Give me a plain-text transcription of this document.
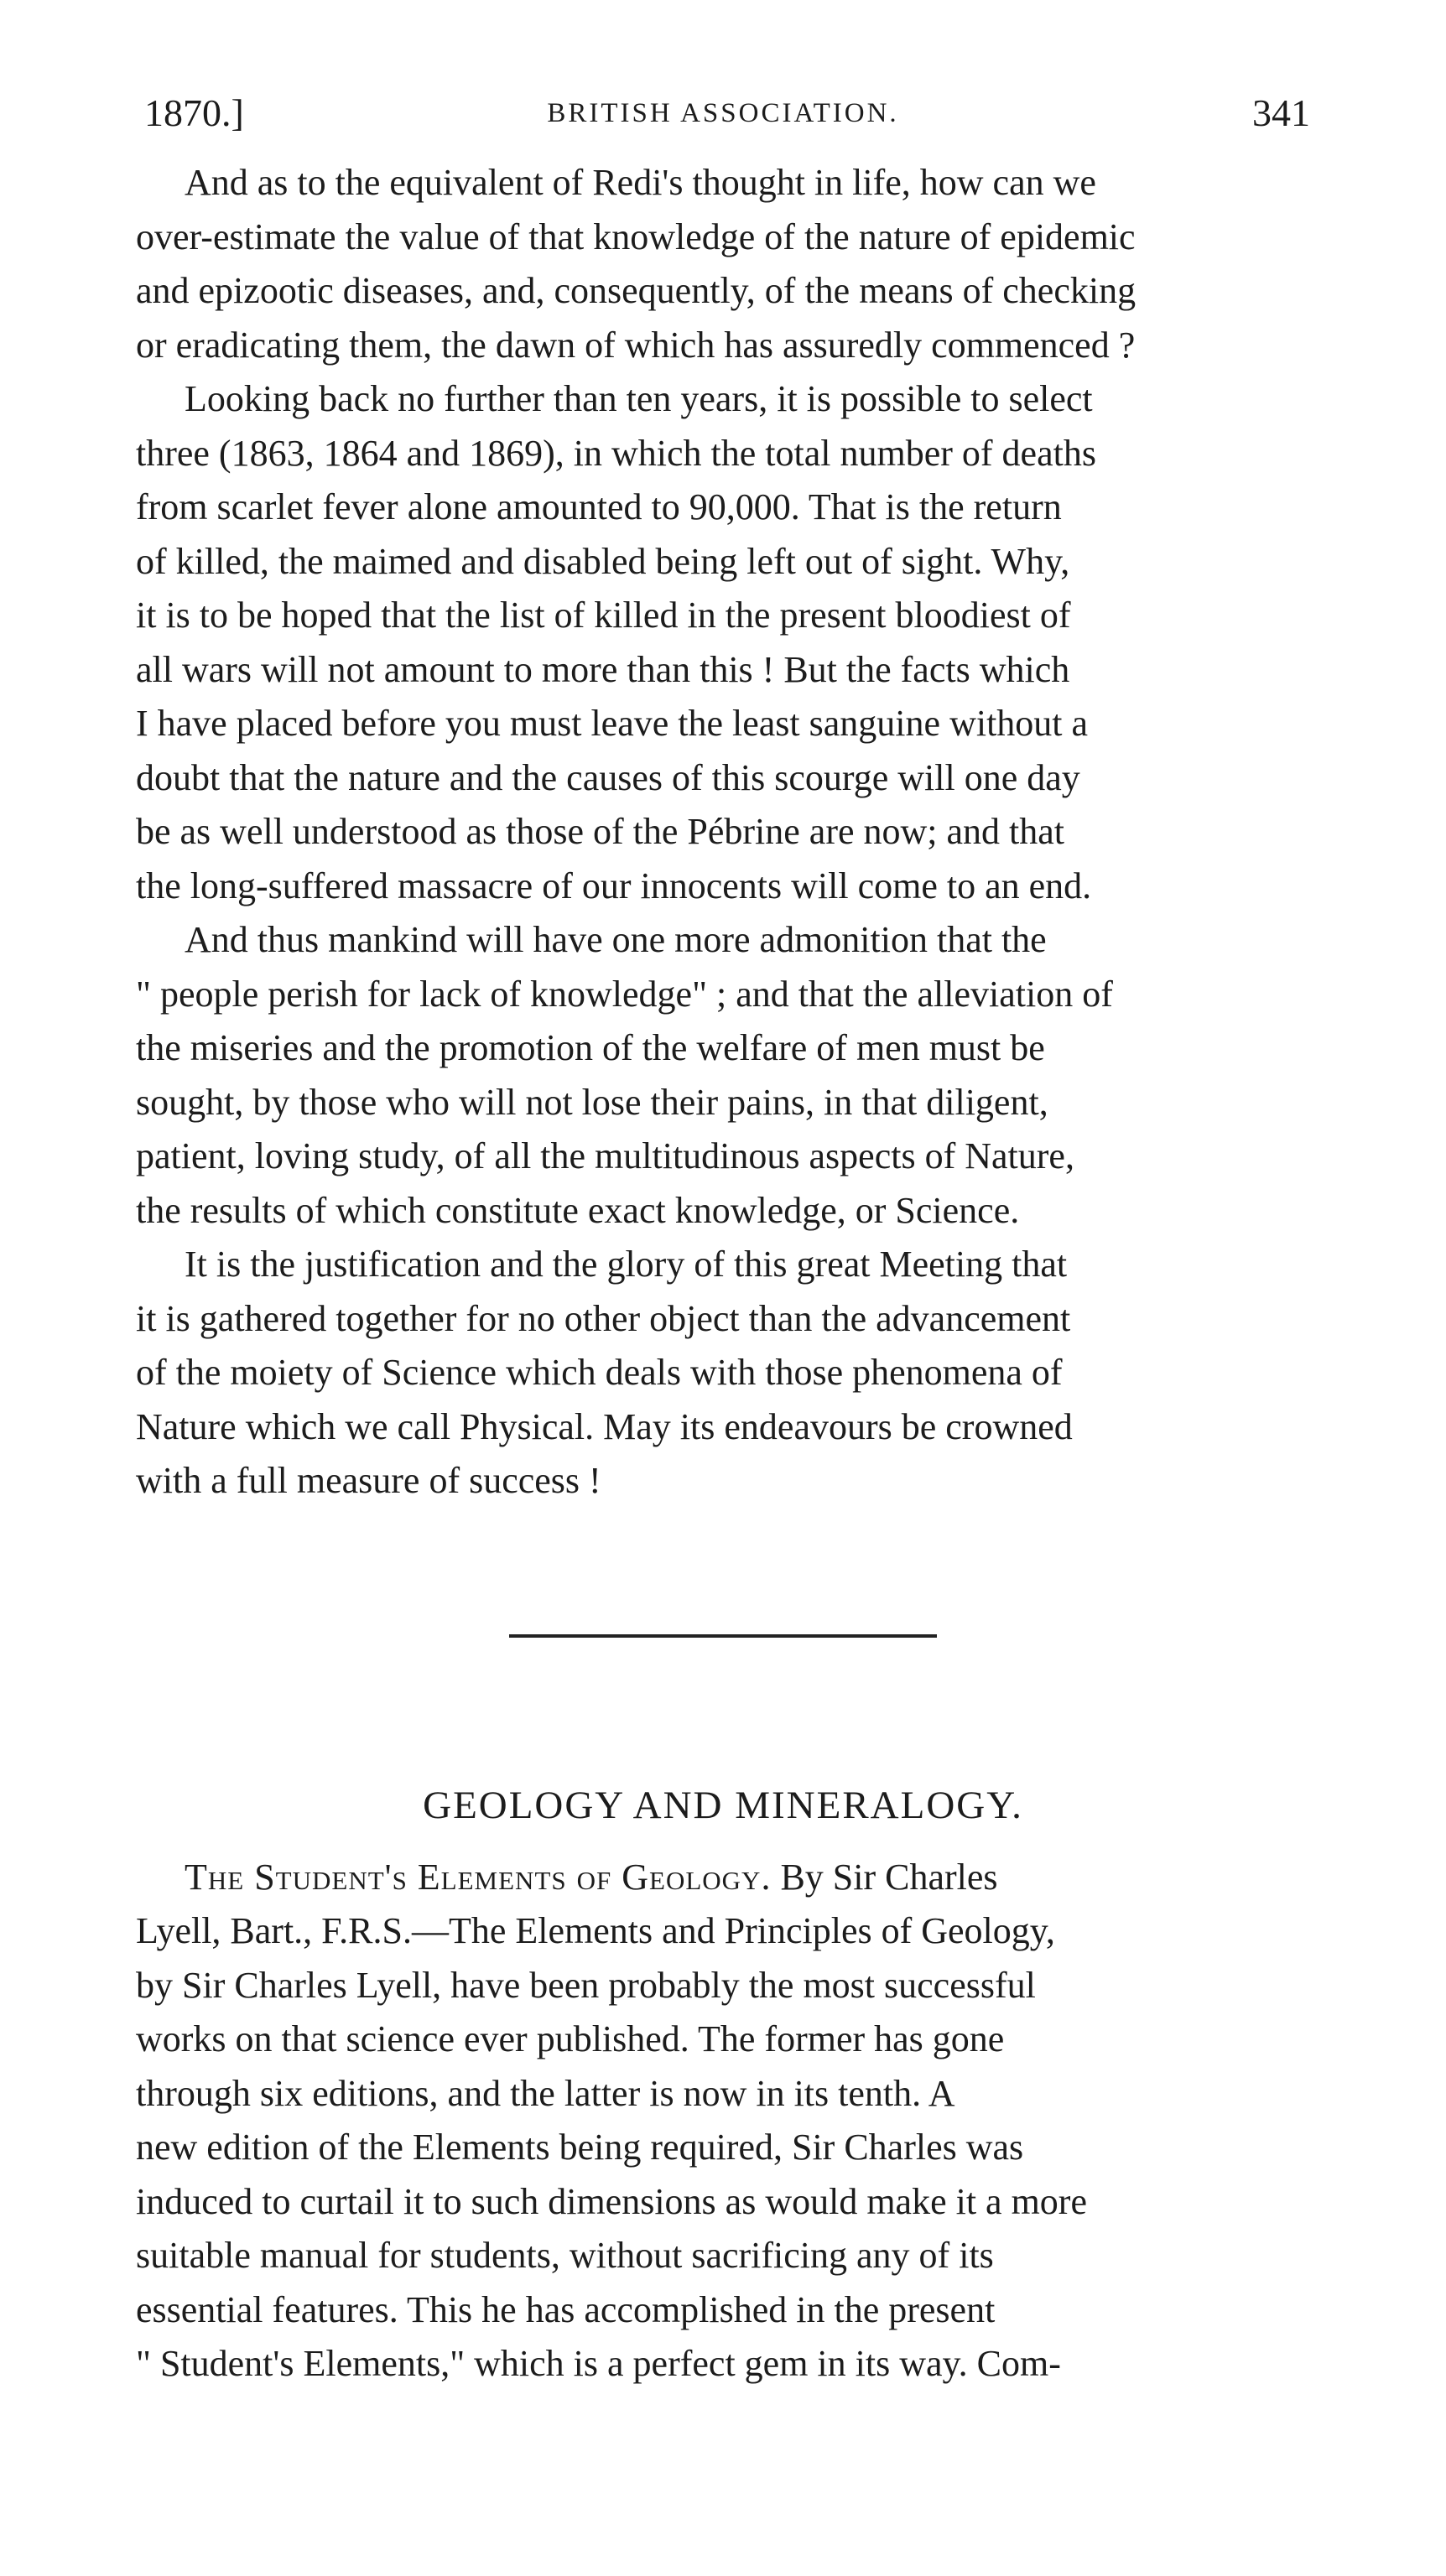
1870.]	BRITISH ASSOCIATION.	341

And as to the equivalent of Redi's thought in life, how can we
over-estimate the value of that knowledge of the nature of epidemic
and epizootic diseases, and, consequently, of the means of checking
or eradicating them, the dawn of which has assuredly commenced ?

Looking back no further than ten years, it is possible to select
three (1863, 1864 and 1869), in which the total number of deaths
from scarlet fever alone amounted to 90,000. That is the return
of killed, the maimed and disabled being left out of sight. Why,
it is to be hoped that the list of killed in the present bloodiest of
all wars will not amount to more than this ! But the facts which
I have placed before you must leave the least sanguine without a
doubt that the nature and the causes of this scourge will one day
be as well understood as those of the Pébrine are now; and that
the long-suffered massacre of our innocents will come to an end.

And thus mankind will have one more admonition that the
" people perish for lack of knowledge" ; and that the alleviation of
the miseries and the promotion of the welfare of men must be
sought, by those who will not lose their pains, in that diligent,
patient, loving study, of all the multitudinous aspects of Nature,
the results of which constitute exact knowledge, or Science.

It is the justification and the glory of this great Meeting that
it is gathered together for no other object than the advancement
of the moiety of Science which deals with those phenomena of
Nature which we call Physical. May its endeavours be crowned
with a full measure of success !

GEOLOGY AND MINERALOGY.

The Student's Elements of Geology. By Sir Charles
Lyell, Bart., F.R.S.—The Elements and Principles of Geology,
by Sir Charles Lyell, have been probably the most successful
works on that science ever published. The former has gone
through six editions, and the latter is now in its tenth. A
new edition of the Elements being required, Sir Charles was
induced to curtail it to such dimensions as would make it a more
suitable manual for students, without sacrificing any of its
essential features. This he has accomplished in the present
" Student's Elements," which is a perfect gem in its way. Com-
